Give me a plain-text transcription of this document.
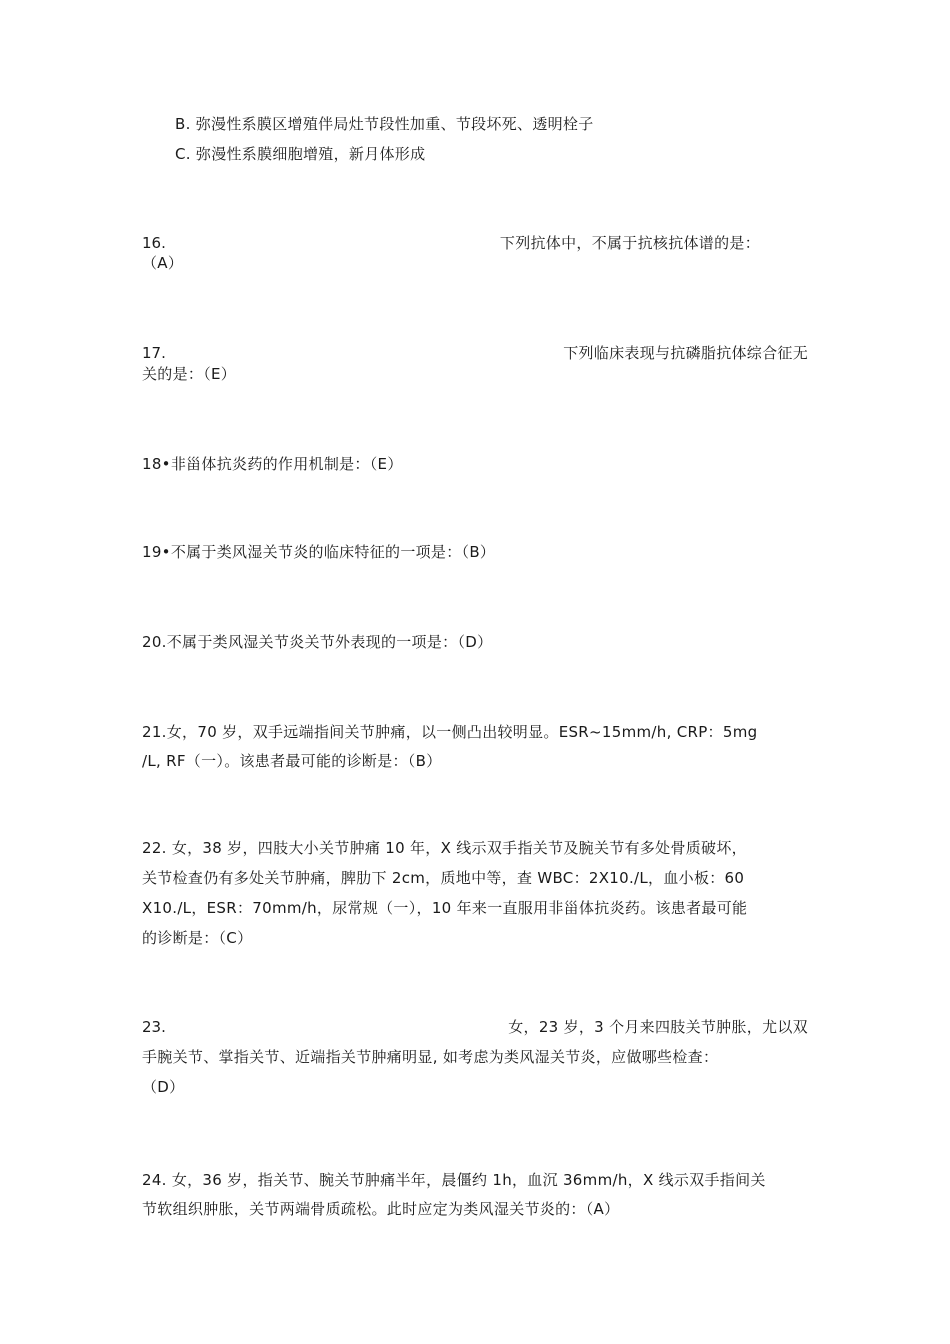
B. 弥漫性系膜区增殖伴局灶节段性加重、节段坏死、透明栓子
C. 弥漫性系膜细胞增殖，新月体形成
16.	下列抗体中，不属于抗核抗体谱的是：
（A）
17.	下列临床表现与抗磷脂抗体综合征无
关的是：（E）
18•非甾体抗炎药的作用机制是：（E）
19•不属于类风湿关节炎的临床特征的一项是：（B）
20.不属于类风湿关节炎关节外表现的一项是：（D）
21.女，70 岁，双手远端指间关节肿痛，以一侧凸出较明显。ESR~15mm/h, CRP：5mg
/L, RF（一）。该患者最可能的诊断是：（B）
22. 女，38 岁，四肢大小关节肿痛 10 年，X 线示双手指关节及腕关节有多处骨质破坏，
关节检查仍有多处关节肿痛，脾肋下 2cm，质地中等，查 WBC：2X10./L，血小板：60
X10./L，ESR：70mm/h，尿常规（一），10 年来一直服用非甾体抗炎药。该患者最可能
的诊断是：（C）
23.	女，23 岁，3 个月来四肢关节肿胀，尤以双
手腕关节、掌指关节、近端指关节肿痛明显, 如考虑为类风湿关节炎，应做哪些检查：
（D）
24. 女，36 岁，指关节、腕关节肿痛半年，晨僵约 1h，血沉 36mm/h，X 线示双手指间关
节软组织肿胀，关节两端骨质疏松。此时应定为类风湿关节炎的：（A）
